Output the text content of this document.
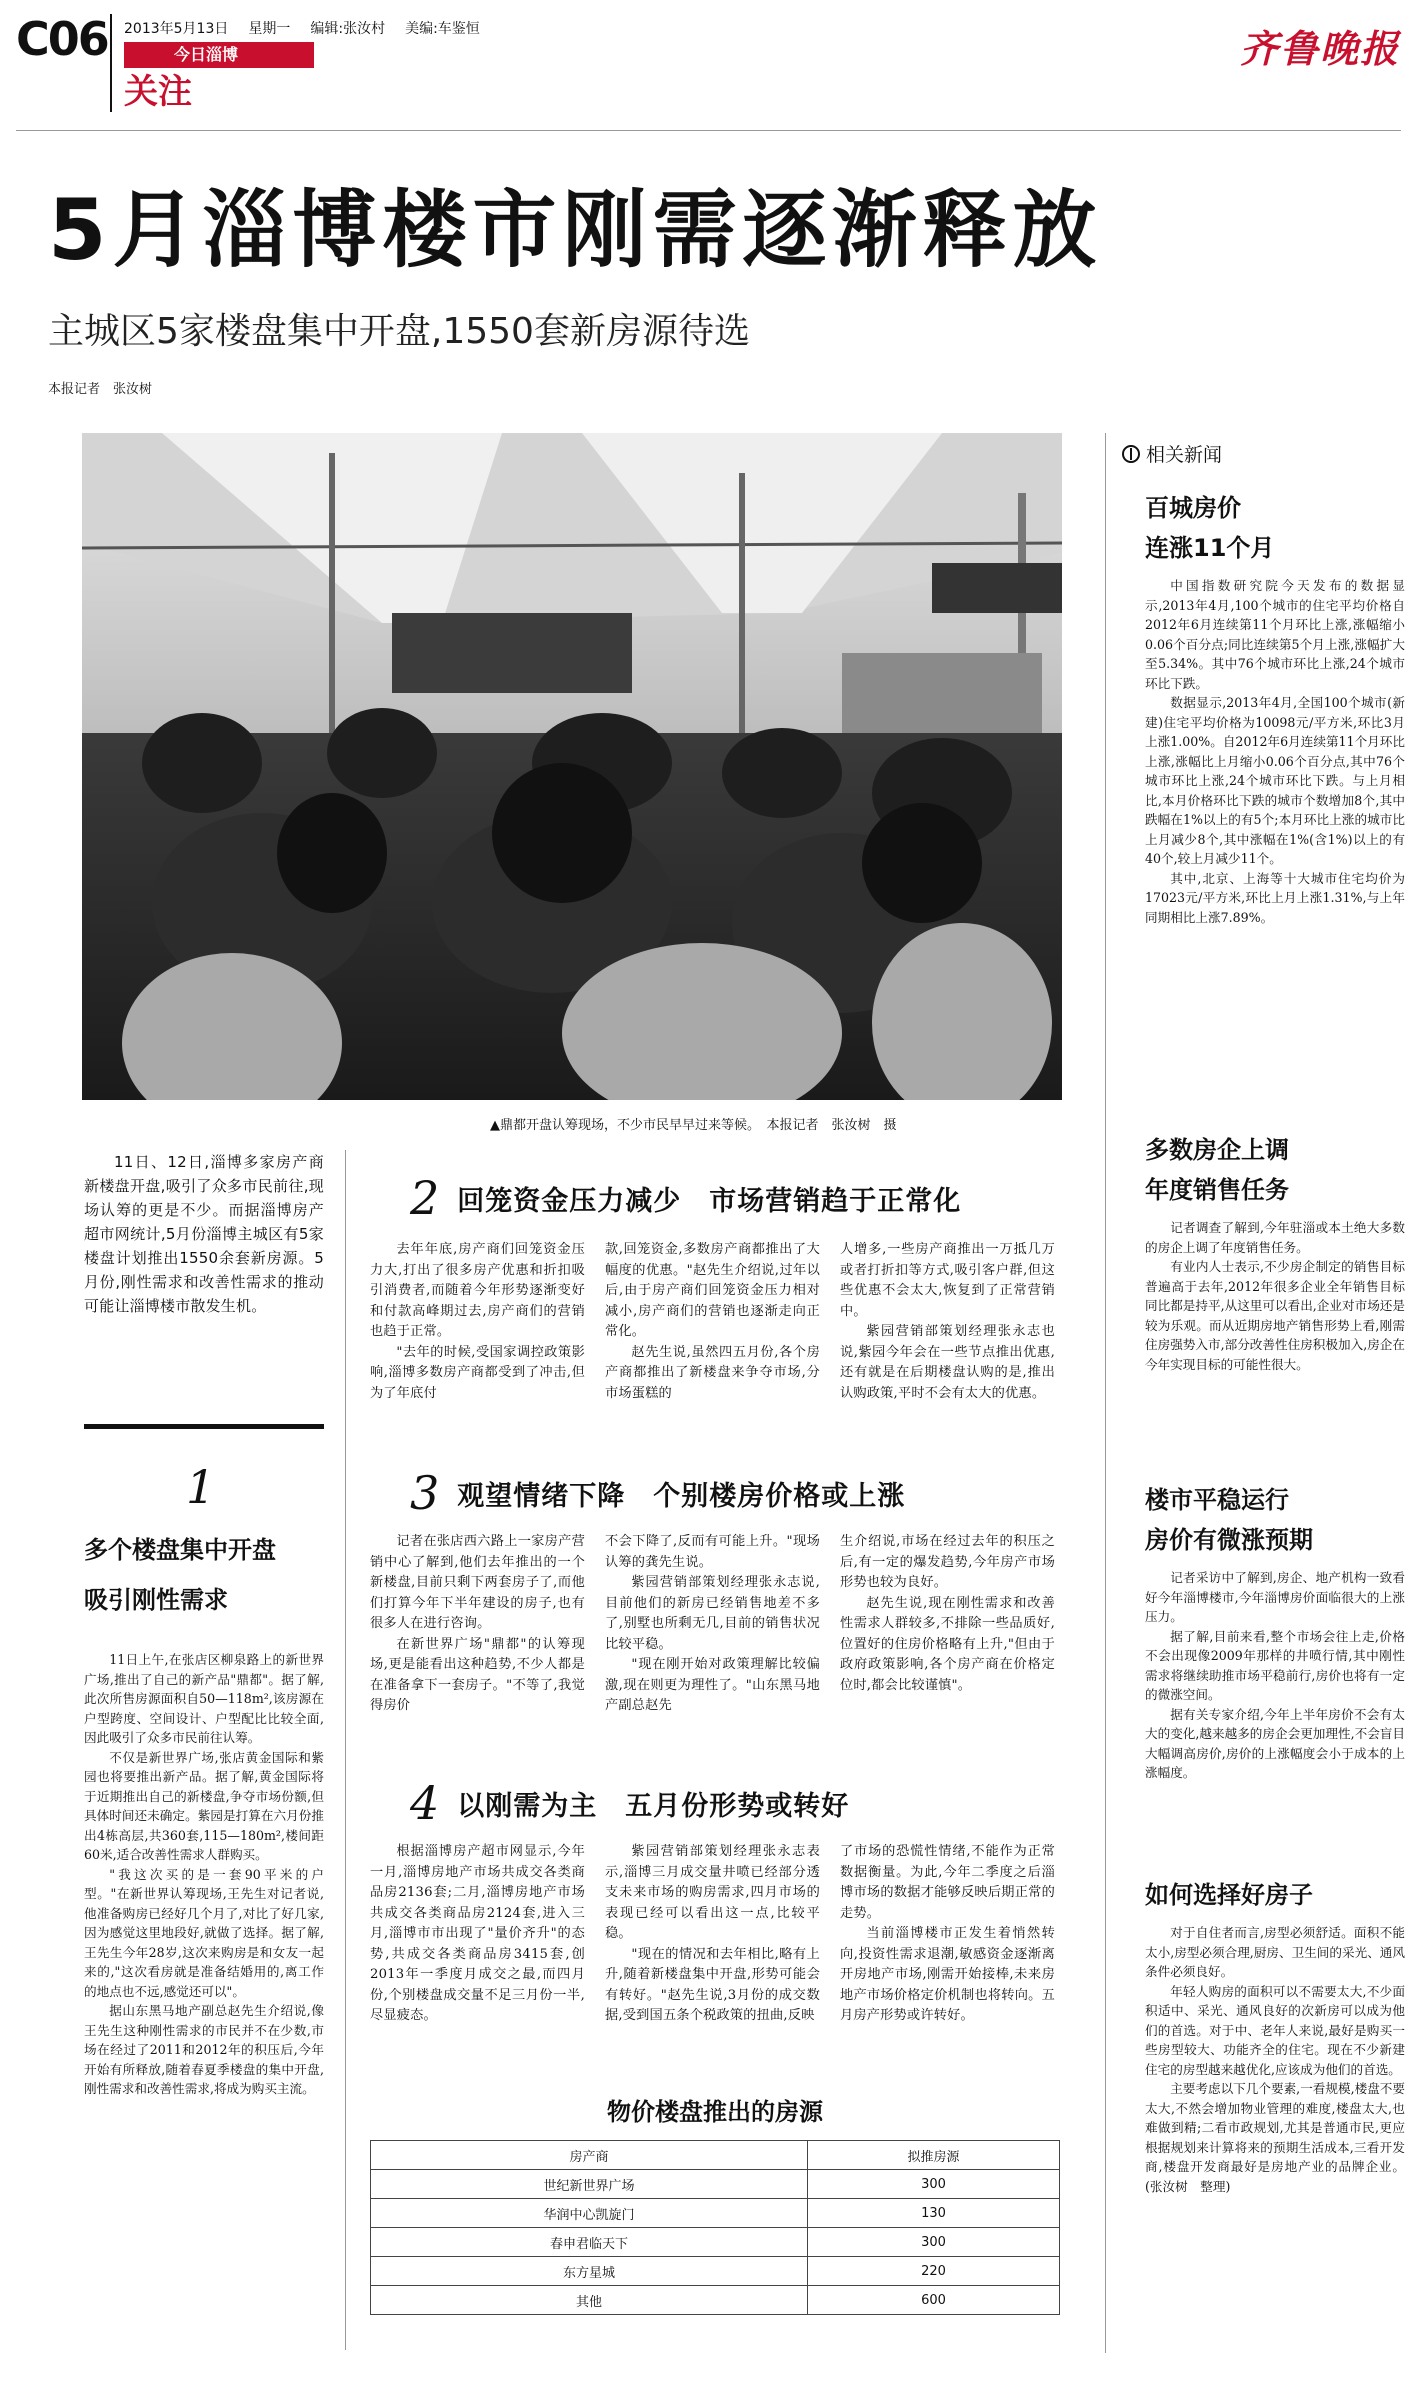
C06 2013年5月13日 星期一 编辑:张汝村 美编:车鉴恒
今日淄博
关注
齐鲁晚报
5月淄博楼市刚需逐渐释放
主城区5家楼盘集中开盘,1550套新房源待选
本报记者　张汝树
▲鼎都开盘认筹现场，不少市民早早过来等候。　本报记者　张汝树　摄
11日、12日,淄博多家房产商新楼盘开盘,吸引了众多市民前往,现场认筹的更是不少。而据淄博房产超市网统计,5月份淄博主城区有5家楼盘计划推出1550余套新房源。5月份,刚性需求和改善性需求的推动可能让淄博楼市散发生机。
1
多个楼盘集中开盘
吸引刚性需求

11日上午,在张店区柳泉路上的新世界广场,推出了自己的新产品"鼎都"。据了解,此次所售房源面积自50—118m²,该房源在户型跨度、空间设计、户型配比比较全面,因此吸引了众多市民前往认筹。

不仅是新世界广场,张店黄金国际和紫园也将要推出新产品。据了解,黄金国际将于近期推出自己的新楼盘,争夺市场份额,但具体时间还未确定。紫园是打算在六月份推出4栋高层,共360套,115—180m²,楼间距60米,适合改善性需求人群购买。

"我这次买的是一套90平米的户型。"在新世界认筹现场,王先生对记者说,他准备购房已经好几个月了,对比了好几家,因为感觉这里地段好,就做了选择。据了解,王先生今年28岁,这次来购房是和女友一起来的,"这次看房就是准备结婚用的,离工作的地点也不远,感觉还可以"。

据山东黑马地产副总赵先生介绍说,像王先生这种刚性需求的市民并不在少数,市场在经过了2011和2012年的积压后,今年开始有所释放,随着春夏季楼盘的集中开盘,刚性需求和改善性需求,将成为购买主流。

2 回笼资金压力减少　市场营销趋于正常化

去年年底,房产商们回笼资金压力大,打出了很多房产优惠和折扣吸引消费者,而随着今年形势逐渐变好和付款高峰期过去,房产商们的营销也趋于正常。

"去年的时候,受国家调控政策影响,淄博多数房产商都受到了冲击,但为了年底付

款,回笼资金,多数房产商都推出了大幅度的优惠。"赵先生介绍说,过年以后,由于房产商们回笼资金压力相对减小,房产商们的营销也逐渐走向正常化。

赵先生说,虽然四五月份,各个房产商都推出了新楼盘来争夺市场,分市场蛋糕的

人增多,一些房产商推出一万抵几万或者打折扣等方式,吸引客户群,但这些优惠不会太大,恢复到了正常营销中。

紫园营销部策划经理张永志也说,紫园今年会在一些节点推出优惠,还有就是在后期楼盘认购的是,推出认购政策,平时不会有太大的优惠。

3 观望情绪下降　个别楼房价格或上涨

记者在张店西六路上一家房产营销中心了解到,他们去年推出的一个新楼盘,目前只剩下两套房子了,而他们打算今年下半年建设的房子,也有很多人在进行咨询。

在新世界广场"鼎都"的认筹现场,更是能看出这种趋势,不少人都是在准备拿下一套房子。"不等了,我觉得房价

不会下降了,反而有可能上升。"现场认筹的龚先生说。

紫园营销部策划经理张永志说,目前他们的新房已经销售地差不多了,别墅也所剩无几,目前的销售状况比较平稳。

"现在刚开始对政策理解比较偏激,现在则更为理性了。"山东黑马地产副总赵先

生介绍说,市场在经过去年的积压之后,有一定的爆发趋势,今年房产市场形势也较为良好。

赵先生说,现在刚性需求和改善性需求人群较多,不排除一些品质好,位置好的住房价格略有上升,"但由于政府政策影响,各个房产商在价格定位时,都会比较谨慎"。

4 以刚需为主　五月份形势或转好

根据淄博房产超市网显示,今年一月,淄博房地产市场共成交各类商品房2136套;二月,淄博房地产市场共成交各类商品房2124套,进入三月,淄博市市出现了"量价齐升"的态势,共成交各类商品房3415套,创2013年一季度月成交之最,而四月份,个别楼盘成交量不足三月份一半,尽显疲态。

紫园营销部策划经理张永志表示,淄博三月成交量井喷已经部分透支未来市场的购房需求,四月市场的表现已经可以看出这一点,比较平稳。

"现在的情况和去年相比,略有上升,随着新楼盘集中开盘,形势可能会有转好。"赵先生说,3月份的成交数据,受到国五条个税政策的扭曲,反映

了市场的恐慌性情绪,不能作为正常数据衡量。为此,今年二季度之后淄博市场的数据才能够反映后期正常的走势。

当前淄博楼市正发生着悄然转向,投资性需求退潮,敏感资金逐渐离开房地产市场,刚需开始接棒,未来房地产市场价格定价机制也将转向。五月房产形势或许转好。

物价楼盘推出的房源
房产商	拟推房源
世纪新世界广场	300
华润中心凯旋门	130
春申君临天下	300
东方星城	220
其他	600
相关新闻
百城房价
连涨11个月

中国指数研究院今天发布的数据显示,2013年4月,100个城市的住宅平均价格自2012年6月连续第11个月环比上涨,涨幅缩小0.06个百分点;同比连续第5个月上涨,涨幅扩大至5.34%。其中76个城市环比上涨,24个城市环比下跌。

数据显示,2013年4月,全国100个城市(新建)住宅平均价格为10098元/平方米,环比3月上涨1.00%。自2012年6月连续第11个月环比上涨,涨幅比上月缩小0.06个百分点,其中76个城市环比上涨,24个城市环比下跌。与上月相比,本月价格环比下跌的城市个数增加8个,其中跌幅在1%以上的有5个;本月环比上涨的城市比上月减少8个,其中涨幅在1%(含1%)以上的有40个,较上月减少11个。

其中,北京、上海等十大城市住宅均价为17023元/平方米,环比上月上涨1.31%,与上年同期相比上涨7.89%。

多数房企上调
年度销售任务

记者调查了解到,今年驻淄或本土绝大多数的房企上调了年度销售任务。

有业内人士表示,不少房企制定的销售目标普遍高于去年,2012年很多企业全年销售目标同比都是持平,从这里可以看出,企业对市场还是较为乐观。而从近期房地产销售形势上看,刚需住房强势入市,部分改善性住房积极加入,房企在今年实现目标的可能性很大。

楼市平稳运行
房价有微涨预期

记者采访中了解到,房企、地产机构一致看好今年淄博楼市,今年淄博房价面临很大的上涨压力。

据了解,目前来看,整个市场会往上走,价格不会出现像2009年那样的井喷行情,其中刚性需求将继续助推市场平稳前行,房价也将有一定的微涨空间。

据有关专家介绍,今年上半年房价不会有太大的变化,越来越多的房企会更加理性,不会盲目大幅调高房价,房价的上涨幅度会小于成本的上涨幅度。

如何选择好房子

对于自住者而言,房型必须舒适。面积不能太小,房型必须合理,厨房、卫生间的采光、通风条件必须良好。

年轻人购房的面积可以不需要太大,不少面积适中、采光、通风良好的次新房可以成为他们的首选。对于中、老年人来说,最好是购买一些房型较大、功能齐全的住宅。现在不少新建住宅的房型越来越优化,应该成为他们的首选。

主要考虑以下几个要素,一看规模,楼盘不要太大,不然会增加物业管理的难度,楼盘太大,也难做到精;二看市政规划,尤其是普通市民,更应根据规划来计算将来的预期生活成本,三看开发商,楼盘开发商最好是房地产业的品牌企业。(张汝树　整理)
